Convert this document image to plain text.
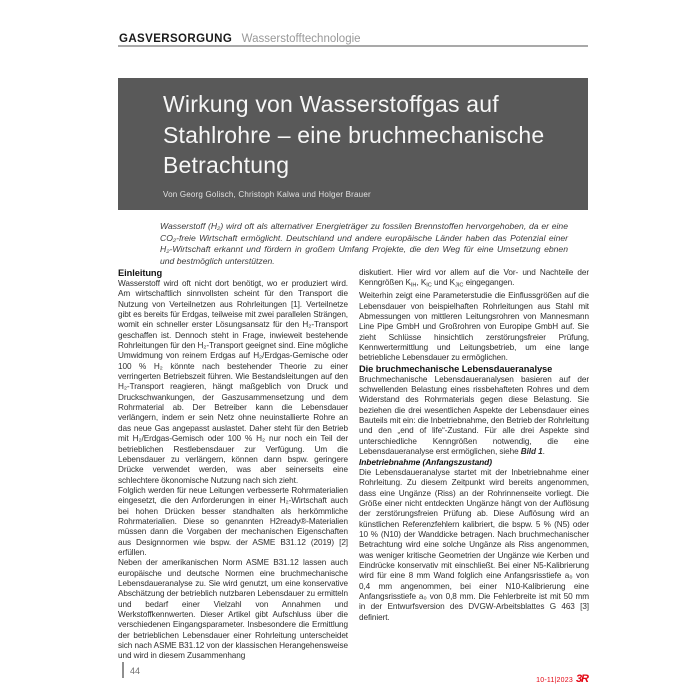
GASVERSORGUNG Wasserstofftechnologie
Wirkung von Wasserstoffgas auf
Stahlrohre – eine bruchmechanische
Betrachtung
Von Georg Golisch, Christoph Kalwa und Holger Brauer
Wasserstoff (H₂) wird oft als alternativer Energieträger zu fossilen Brennstoffen hervorgehoben, da er eine CO₂-freie Wirtschaft ermöglicht. Deutschland und andere europäische Länder haben das Potenzial einer H₂-Wirtschaft erkannt und fördern in großem Umfang Projekte, die den Weg für eine Umsetzung ebnen und bestmöglich unterstützen.

Einleitung

Wasserstoff wird oft nicht dort benötigt, wo er produziert wird. Am wirtschaftlich sinnvollsten scheint für den Transport die Nutzung von Verteilnetzen aus Rohrleitungen [1]. Verteilnetze gibt es bereits für Erdgas, teilweise mit zwei parallelen Strängen, womit ein schneller erster Lösungsansatz für den H₂-Transport geschaffen ist. Dennoch steht in Frage, inwieweit bestehende Rohrleitungen für den H₂-Transport geeignet sind. Eine mögliche Umwidmung von reinem Erdgas auf H₂/Erdgas-Gemische oder 100 % H₂ könnte nach bestehender Theorie zu einer verringerten Betriebszeit führen. Wie Bestandsleitungen auf den H₂-Transport reagieren, hängt maßgeblich von Druck und Druckschwankungen, der Gaszusammensetzung und dem Rohrmaterial ab. Der Betreiber kann die Lebensdauer verlängern, indem er sein Netz ohne neuinstallierte Rohre an das neue Gas angepasst auslastet. Daher steht für den Betrieb mit H₂/Erdgas-Gemisch oder 100 % H₂ nur noch ein Teil der betrieblichen Restlebensdauer zur Verfügung. Um die Lebensdauer zu verlängern, können dann bspw. geringere Drücke verwendet werden, was aber seinerseits eine schlechtere ökonomische Nutzung nach sich zieht.

Folglich werden für neue Leitungen verbesserte Rohrmaterialien eingesetzt, die den Anforderungen in einer H₂-Wirtschaft auch bei hohen Drücken besser standhalten als herkömmliche Rohrmaterialien. Diese so genannten H2ready®-Materialien müssen dann die Vorgaben der mechanischen Eigenschaften aus Designnormen wie bspw. der ASME B31.12 (2019) [2] erfüllen.

Neben der amerikanischen Norm ASME B31.12 lassen auch europäische und deutsche Normen eine bruchmechanische Lebensdaueranalyse zu. Sie wird genutzt, um eine konservative Abschätzung der betrieblich nutzbaren Lebensdauer zu ermitteln und bedarf einer Vielzahl von Annahmen und Werkstoffkennwerten. Dieser Artikel gibt Aufschluss über die verschiedenen Eingangsparameter. Insbesondere die Ermittlung der betrieblichen Lebensdauer einer Rohrleitung unterscheidet sich nach ASME B31.12 von der klassischen Herangehensweise und wird in diesem Zusammenhang

diskutiert. Hier wird vor allem auf die Vor- und Nachteile der Kenngrößen $K_{IH}$, $K_{IC}$ und $K_{JIC}$ eingegangen.

Weiterhin zeigt eine Parameterstudie die Einflussgrößen auf die Lebensdauer von beispielhaften Rohrleitungen aus Stahl mit Abmessungen von mittleren Leitungsrohren von Mannesmann Line Pipe GmbH und Großrohren von Europipe GmbH auf. Sie zieht Schlüsse hinsichtlich zerstörungsfreier Prüfung, Kennwertermittlung und Leitungsbetrieb, um eine lange betriebliche Lebensdauer zu ermöglichen.

Die bruchmechanische Lebensdaueranalyse

Bruchmechanische Lebensdaueranalysen basieren auf der schwellenden Belastung eines rissbehafteten Rohres und dem Widerstand des Rohrmaterials gegen diese Belastung. Sie beziehen die drei wesentlichen Aspekte der Lebensdauer eines Bauteils mit ein: die Inbetriebnahme, den Betrieb der Rohrleitung und den „end of life“-Zustand. Für alle drei Aspekte sind unterschiedliche Kenngrößen notwendig, die eine Lebensdaueranalyse erst ermöglichen, siehe Bild 1.

Inbetriebnahme (Anfangszustand)

Die Lebensdaueranalyse startet mit der Inbetriebnahme einer Rohrleitung. Zu diesem Zeitpunkt wird bereits angenommen, dass eine Ungänze (Riss) an der Rohrinnenseite vorliegt. Die Größe einer nicht entdeckten Ungänze hängt von der Auflösung der zerstörungsfreien Prüfung ab. Diese Auflösung wird an künstlichen Referenzfehlern kalibriert, die bspw. 5 % (N5) oder 10 % (N10) der Wanddicke betragen. Nach bruchmechanischer Betrachtung wird eine solche Ungänze als Riss angenommen, was weniger kritische Geometrien der Ungänze wie Kerben und Eindrücke konservativ mit einschließt. Bei einer N5-Kalibrierung wird für eine 8 mm Wand folglich eine Anfangsrisstiefe a₀ von 0,4 mm angenommen, bei einer N10-Kalibrierung eine Anfangsrisstiefe a₀ von 0,8 mm. Die Fehlerbreite ist mit 50 mm in der Entwurfsversion des DVGW-Arbeitsblattes G 463 [3] definiert.

44
10-11|2023 3R
